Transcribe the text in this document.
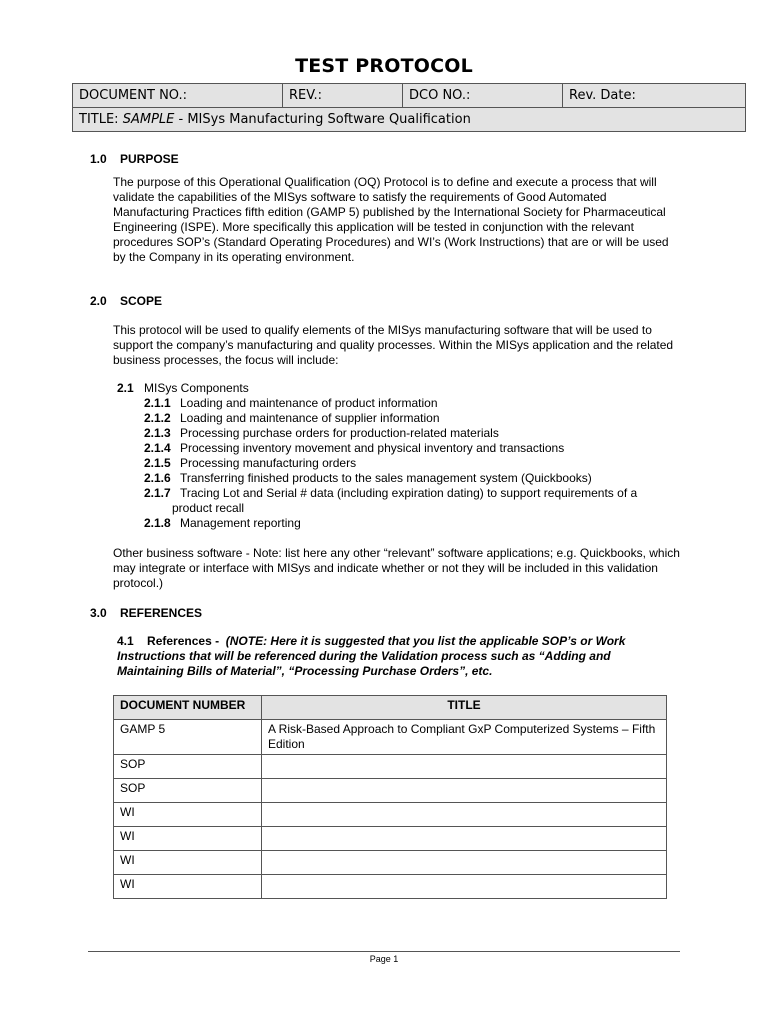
TEST PROTOCOL
DOCUMENT NO.:	REV.:	DCO NO.:	Rev. Date:
TITLE: SAMPLE - MISys Manufacturing Software Qualification
1.0 PURPOSE
The purpose of this Operational Qualification (OQ) Protocol is to define and execute a process that will validate the capabilities of the MISys software to satisfy the requirements of Good Automated Manufacturing Practices fifth edition (GAMP 5) published by the International Society for Pharmaceutical Engineering (ISPE). More specifically this application will be tested in conjunction with the relevant procedures SOP’s (Standard Operating Procedures) and WI’s (Work Instructions) that are or will be used by the Company in its operating environment.
2.0 SCOPE
This protocol will be used to qualify elements of the MISys manufacturing software that will be used to support the company’s manufacturing and quality processes. Within the MISys application and the related business processes, the focus will include:
2.1 MISys Components
2.1.1 Loading and maintenance of product information
2.1.2 Loading and maintenance of supplier information
2.1.3 Processing purchase orders for production-related materials
2.1.4 Processing inventory movement and physical inventory and transactions
2.1.5 Processing manufacturing orders
2.1.6 Transferring finished products to the sales management system (Quickbooks)
2.1.7 Tracing Lot and Serial # data (including expiration dating) to support requirements of a
product recall
2.1.8 Management reporting
Other business software - Note: list here any other “relevant” software applications; e.g. Quickbooks, which may integrate or interface with MISys and indicate whether or not they will be included in this validation protocol.)
3.0 REFERENCES
4.1 References - (NOTE: Here it is suggested that you list the applicable SOP’s or Work Instructions that will be referenced during the Validation process such as “Adding and Maintaining Bills of Material”, “Processing Purchase Orders”, etc.
DOCUMENT NUMBER	TITLE
GAMP 5	A Risk-Based Approach to Compliant GxP Computerized Systems – Fifth Edition
SOP	
SOP	
WI	
WI	
WI	
WI	
Page 1
